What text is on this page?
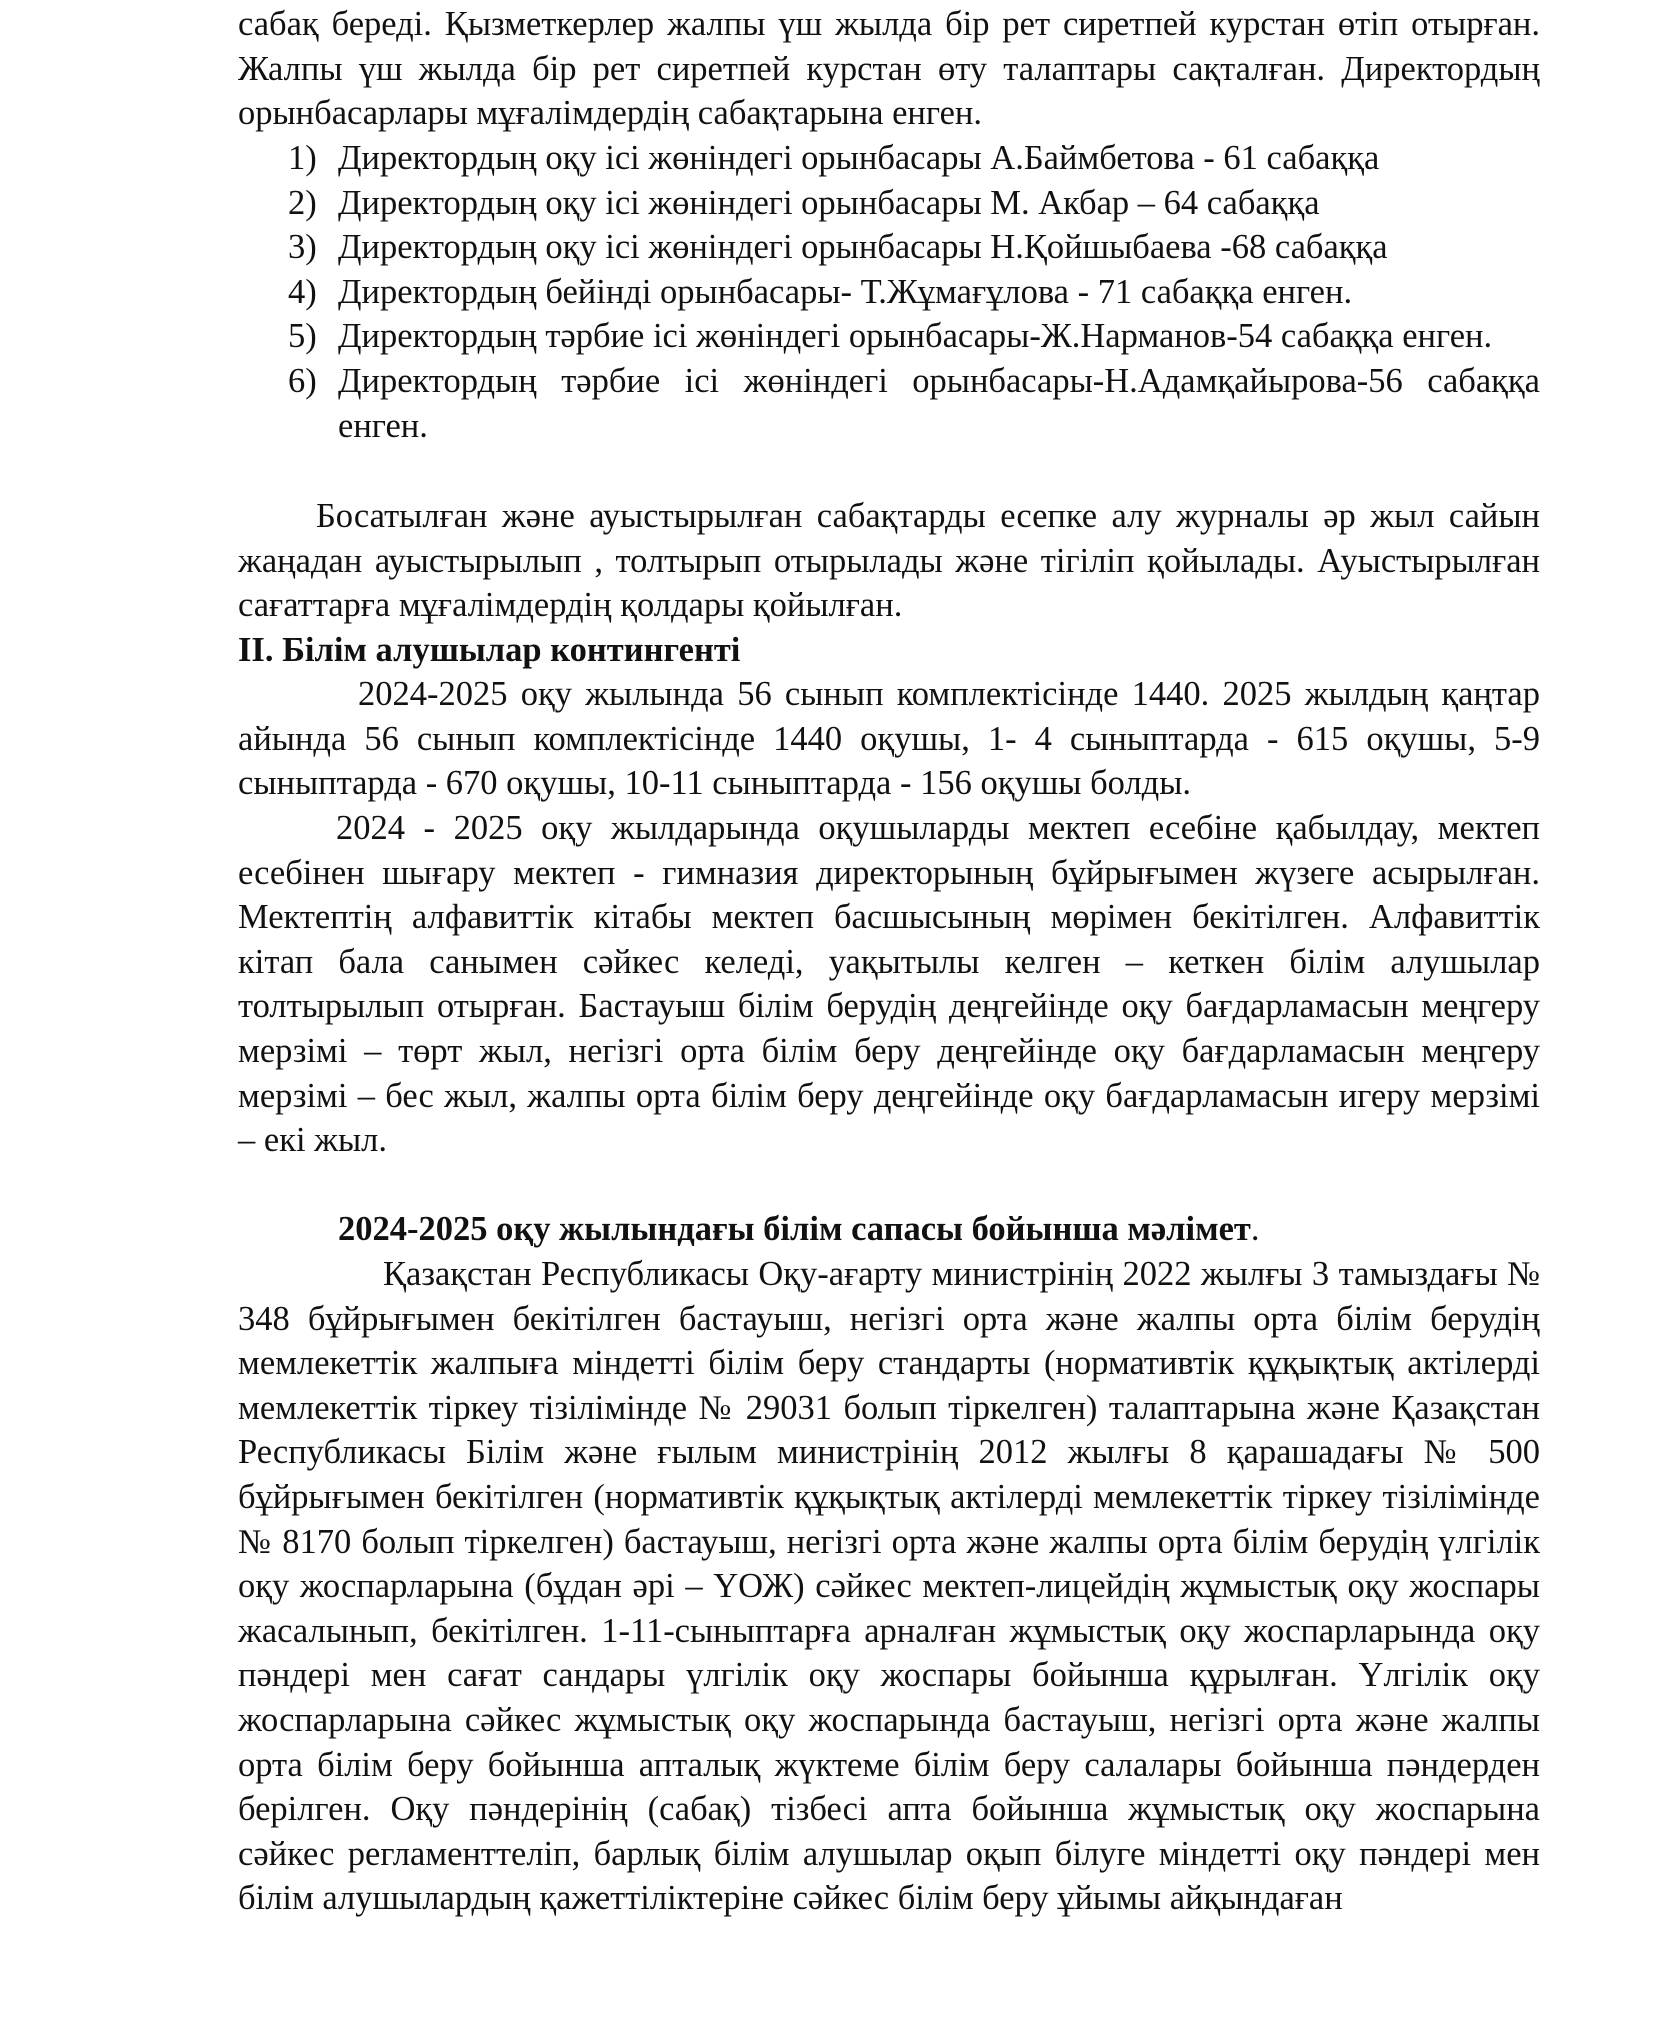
сабақ береді. Қызметкерлер жалпы үш жылда бір рет сиретпей курстан өтіп отырған. Жалпы үш жылда бір рет сиретпей курстан өту талаптары сақталған. Директордың орынбасарлары мұғалімдердің сабақтарына енген.

1) Директордың оқу ісі жөніндегі орынбасары А.Баймбетова - 61 сабаққа
2) Директордың оқу ісі жөніндегі орынбасары М. Акбар – 64 сабаққа
3) Директордың оқу ісі жөніндегі орынбасары Н.Қойшыбаева -68 сабаққа
4) Директордың бейінді орынбасары- Т.Жұмағұлова - 71 сабаққа енген.
5) Директордың тәрбие ісі жөніндегі орынбасары-Ж.Нарманов-54 сабаққа енген.
6) Директордың тәрбие ісі жөніндегі орынбасары-Н.Адамқайырова-56 сабаққа енген.

Босатылған және ауыстырылған сабақтарды есепке алу журналы әр жыл сайын жаңадан ауыстырылып , толтырып отырылады және тігіліп қойылады. Ауыстырылған сағаттарға мұғалімдердің қолдары қойылған.

ІІ. Білім алушылар контингенті

2024-2025 оқу жылында 56 сынып комплектісінде 1440. 2025 жылдың қаңтар айында 56 сынып комплектісінде 1440 оқушы, 1- 4 сыныптарда - 615 оқушы, 5-9 сыныптарда - 670 оқушы, 10-11 сыныптарда - 156 оқушы болды.

2024 - 2025 оқу жылдарында оқушыларды мектеп есебіне қабылдау, мектеп есебінен шығару мектеп - гимназия директорының бұйрығымен жүзеге асырылған. Мектептің алфавиттік кітабы мектеп басшысының мөрімен бекітілген. Алфавиттік кітап бала санымен сәйкес келеді, уақытылы келген – кеткен білім алушылар толтырылып отырған. Бастауыш білім берудің деңгейінде оқу бағдарламасын меңгеру мерзімі – төрт жыл, негізгі орта білім беру деңгейінде оқу бағдарламасын меңгеру мерзімі – бес жыл, жалпы орта білім беру деңгейінде оқу бағдарламасын игеру мерзімі – екі жыл.

2024-2025 оқу жылындағы білім сапасы бойынша мәлімет.

Қазақстан Республикасы Оқу-ағарту министрінің 2022 жылғы 3 тамыздағы № 348 бұйрығымен бекітілген бастауыш, негізгі орта және жалпы орта білім берудің мемлекеттік жалпыға міндетті білім беру стандарты (нормативтік құқықтық актілерді мемлекеттік тіркеу тізілімінде № 29031 болып тіркелген) талаптарына және Қазақстан Республикасы Білім және ғылым министрінің 2012 жылғы 8 қарашадағы № 500 бұйрығымен бекітілген (нормативтік құқықтық актілерді мемлекеттік тіркеу тізілімінде № 8170 болып тіркелген) бастауыш, негізгі орта және жалпы орта білім берудің үлгілік оқу жоспарларына (бұдан әрі – ҮОЖ) сәйкес мектеп-лицейдің жұмыстық оқу жоспары жасалынып, бекітілген. 1-11-сыныптарға арналған жұмыстық оқу жоспарларында оқу пәндері мен сағат сандары үлгілік оқу жоспары бойынша құрылған. Үлгілік оқу жоспарларына сәйкес жұмыстық оқу жоспарында бастауыш, негізгі орта және жалпы орта білім беру бойынша апталық жүктеме білім беру салалары бойынша пәндерден берілген. Оқу пәндерінің (сабақ) тізбесі апта бойынша жұмыстық оқу жоспарына сәйкес регламенттеліп, барлық білім алушылар оқып білуге міндетті оқу пәндері мен білім алушылардың қажеттіліктеріне сәйкес білім беру ұйымы айқындаған
